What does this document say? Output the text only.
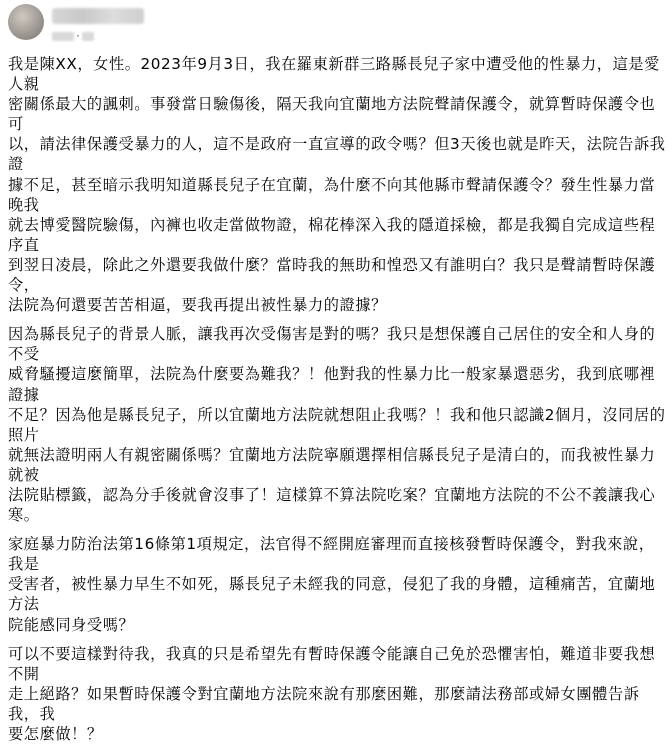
·
我是陳XX，女性。2023年9月3日，我在羅東新群三路縣長兒子家中遭受他的性暴力，這是愛人親
密關係最大的諷刺。事發當日驗傷後，隔天我向宜蘭地方法院聲請保護令，就算暫時保護令也可
以，請法律保護受暴力的人，這不是政府一直宣導的政令嗎？但3天後也就是昨天，法院告訴我證
據不足，甚至暗示我明知道縣長兒子在宜蘭，為什麼不向其他縣市聲請保護令？發生性暴力當晚我
就去博愛醫院驗傷，內褲也收走當做物證，棉花棒深入我的隱道採檢，都是我獨自完成這些程序直
到翌日凌晨，除此之外還要我做什麼？當時我的無助和惶恐又有誰明白？我只是聲請暫時保護令，
法院為何還要苦苦相逼，要我再提出被性暴力的證據？
因為縣長兒子的背景人脈，讓我再次受傷害是對的嗎？我只是想保護自己居住的安全和人身的不受
威脅騷擾這麼簡單，法院為什麼要為難我？！他對我的性暴力比一般家暴還惡劣，我到底哪裡證據
不足？因為他是縣長兒子，所以宜蘭地方法院就想阻止我嗎？！我和他只認識2個月，沒同居的照片
就無法證明兩人有親密關係嗎？宜蘭地方法院寧願選擇相信縣長兒子是清白的，而我被性暴力就被
法院貼標籤，認為分手後就會沒事了！這樣算不算法院吃案？宜蘭地方法院的不公不義讓我心寒。
家庭暴力防治法第16條第1項規定，法官得不經開庭審理而直接核發暫時保護令，對我來說，我是
受害者，被性暴力早生不如死，縣長兒子未經我的同意，侵犯了我的身體，這種痛苦，宜蘭地方法
院能感同身受嗎？
可以不要這樣對待我，我真的只是希望先有暫時保護令能讓自己免於恐懼害怕，難道非要我想不開
走上絕路？如果暫時保護令對宜蘭地方法院來說有那麼困難，那麼請法務部或婦女團體告訴我，我
要怎麼做！？
